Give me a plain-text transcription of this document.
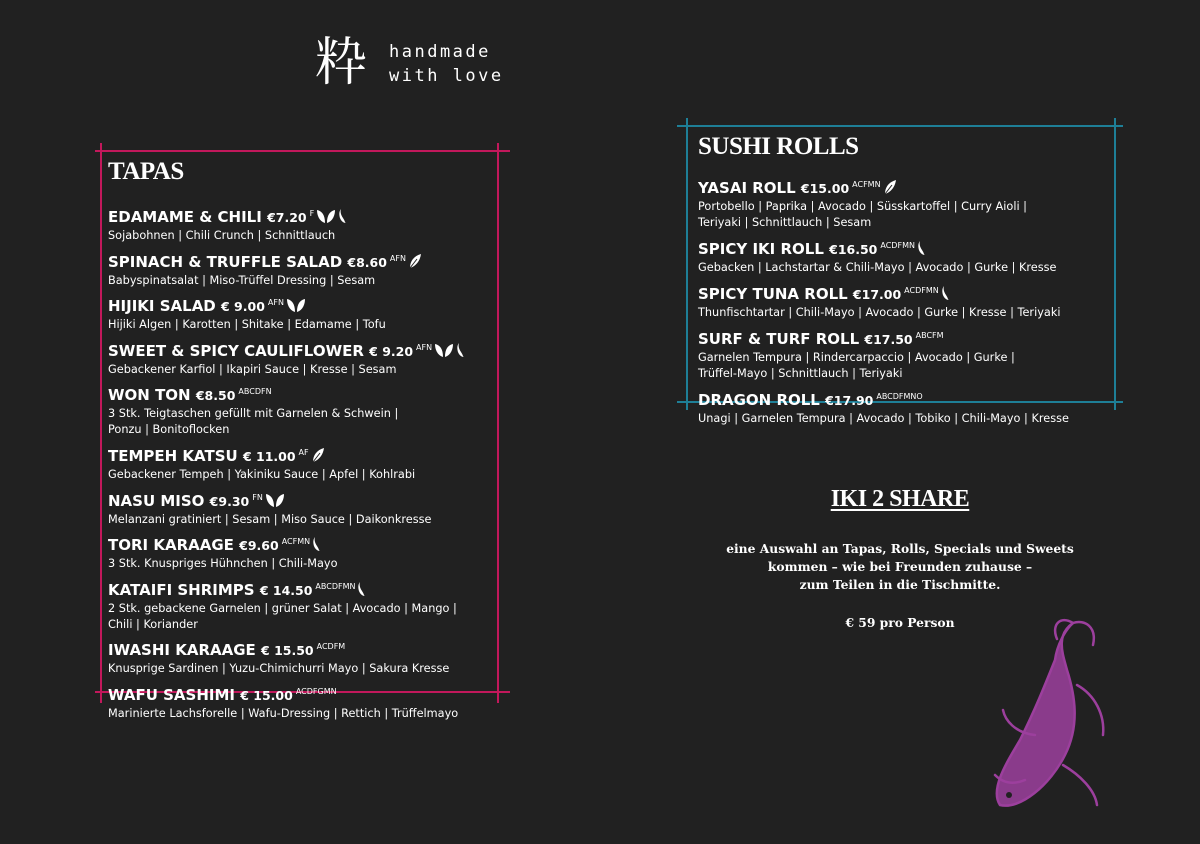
粋 handmade
with love
TAPAS
EDAMAME & CHILI €7.20 $^F$
Sojabohnen | Chili Crunch | Schnittlauch
SPINACH & TRUFFLE SALAD €8.60 $^{AFN}$
Babyspinatsalat | Miso-Trüffel Dressing | Sesam
HIJIKI SALAD € 9.00 $^{AFN}$
Hijiki Algen | Karotten | Shitake | Edamame | Tofu
SWEET & SPICY CAULIFLOWER € 9.20 $^{AFN}$
Gebackener Karfiol | Ikapiri Sauce | Kresse | Sesam
WON TON €8.50 $^{ABCDFN}$
3 Stk. Teigtaschen gefüllt mit Garnelen & Schwein |
Ponzu | Bonitoflocken
TEMPEH KATSU € 11.00 $^{AF}$
Gebackener Tempeh | Yakiniku Sauce | Apfel | Kohlrabi
NASU MISO €9.30 $^{FN}$
Melanzani gratiniert | Sesam | Miso Sauce | Daikonkresse
TORI KARAAGE €9.60 $^{ACFMN}$
3 Stk. Knuspriges Hühnchen | Chili-Mayo
KATAIFI SHRIMPS € 14.50 $^{ABCDFMN}$
2 Stk. gebackene Garnelen | grüner Salat | Avocado | Mango |
Chili | Koriander
IWASHI KARAAGE € 15.50 $^{ACDFM}$
Knusprige Sardinen | Yuzu-Chimichurri Mayo | Sakura Kresse
WAFU SASHIMI € 15.00 $^{ACDFGMN}$
Marinierte Lachsforelle | Wafu-Dressing | Rettich | Trüffelmayo
SUSHI ROLLS
YASAI ROLL €15.00 $^{ACFMN}$
Portobello | Paprika | Avocado | Süsskartoffel | Curry Aioli |
Teriyaki | Schnittlauch | Sesam
SPICY IKI ROLL €16.50 $^{ACDFMN}$
Gebacken | Lachstartar & Chili-Mayo | Avocado | Gurke | Kresse
SPICY TUNA ROLL €17.00 $^{ACDFMN}$
Thunfischtartar | Chili-Mayo | Avocado | Gurke | Kresse | Teriyaki
SURF & TURF ROLL €17.50 $^{ABCFM}$
Garnelen Tempura | Rindercarpaccio | Avocado | Gurke |
Trüffel-Mayo | Schnittlauch | Teriyaki
DRAGON ROLL €17.90 $^{ABCDFMNO}$
Unagi | Garnelen Tempura | Avocado | Tobiko | Chili-Mayo | Kresse
IKI 2 SHARE
eine Auswahl an Tapas, Rolls, Specials und Sweets
kommen – wie bei Freunden zuhause –
zum Teilen in die Tischmitte.
€ 59 pro Person
